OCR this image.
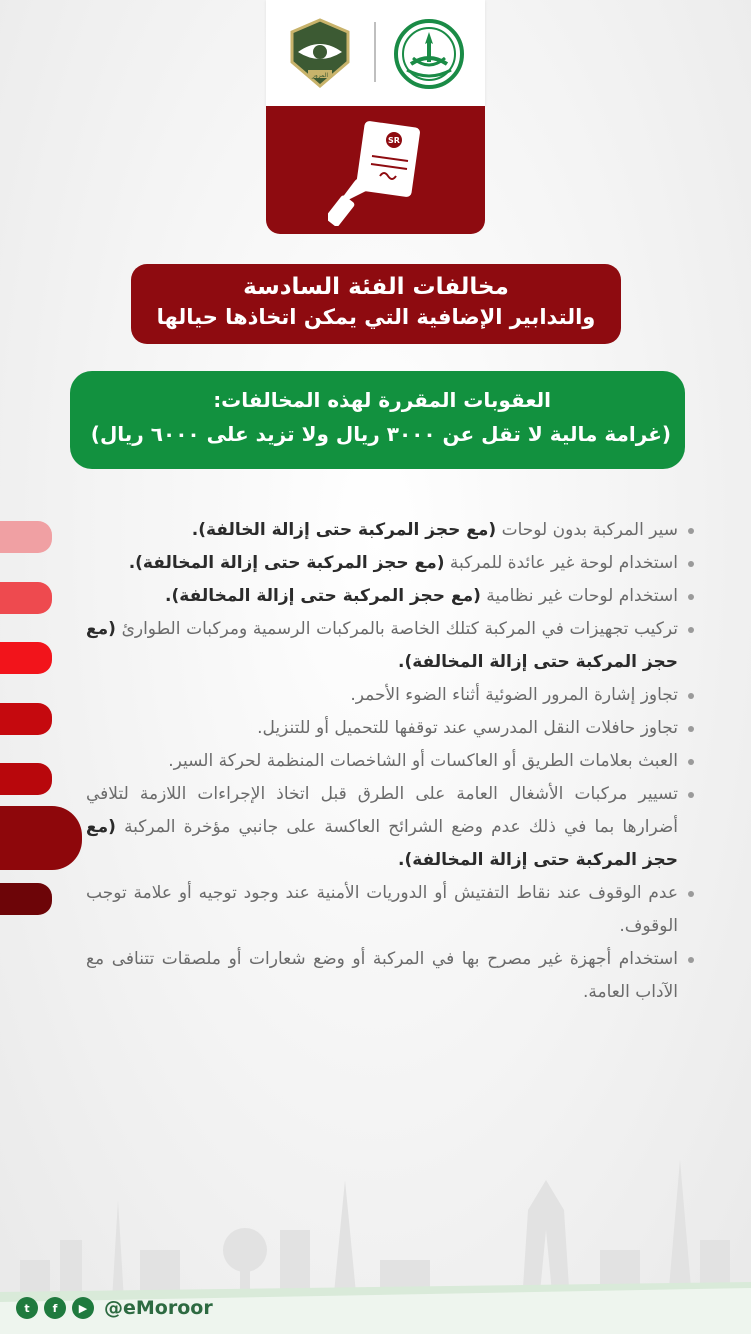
المرور
SR
مخالفات الفئة السادسة
والتدابير الإضافية التي يمكن اتخاذها حيالها
العقوبات المقررة لهذه المخالفات:
(غرامة مالية لا تقل عن ٣٠٠٠ ريال ولا تزيد على ٦٠٠٠ ريال)
سير المركبة بدون لوحات (مع حجز المركبة حتى إزالة الخالفة).
استخدام لوحة غير عائدة للمركبة (مع حجز المركبة حتى إزالة المخالفة).
استخدام لوحات غير نظامية (مع حجز المركبة حتى إزالة المخالفة).
تركيب تجهيزات في المركبة كتلك الخاصة بالمركبات الرسمية ومركبات الطوارئ (مع حجز المركبة حتى إزالة المخالفة).
تجاوز إشارة المرور الضوئية أثناء الضوء الأحمر.
تجاوز حافلات النقل المدرسي عند توقفها للتحميل أو للتنزيل.
العبث بعلامات الطريق أو العاكسات أو الشاخصات المنظمة لحركة السير.
تسيير مركبات الأشغال العامة على الطرق قبل اتخاذ الإجراءات اللازمة لتلافي أضرارها بما في ذلك عدم وضع الشرائح العاكسة على جانبي مؤخرة المركبة (مع حجز المركبة حتى إزالة المخالفة).
عدم الوقوف عند نقاط التفتيش أو الدوريات الأمنية عند وجود توجيه أو علامة توجب الوقوف.
استخدام أجهزة غير مصرح بها في المركبة أو وضع شعارات أو ملصقات تتنافى مع الآداب العامة.
t	f	▶ @eMoroor
